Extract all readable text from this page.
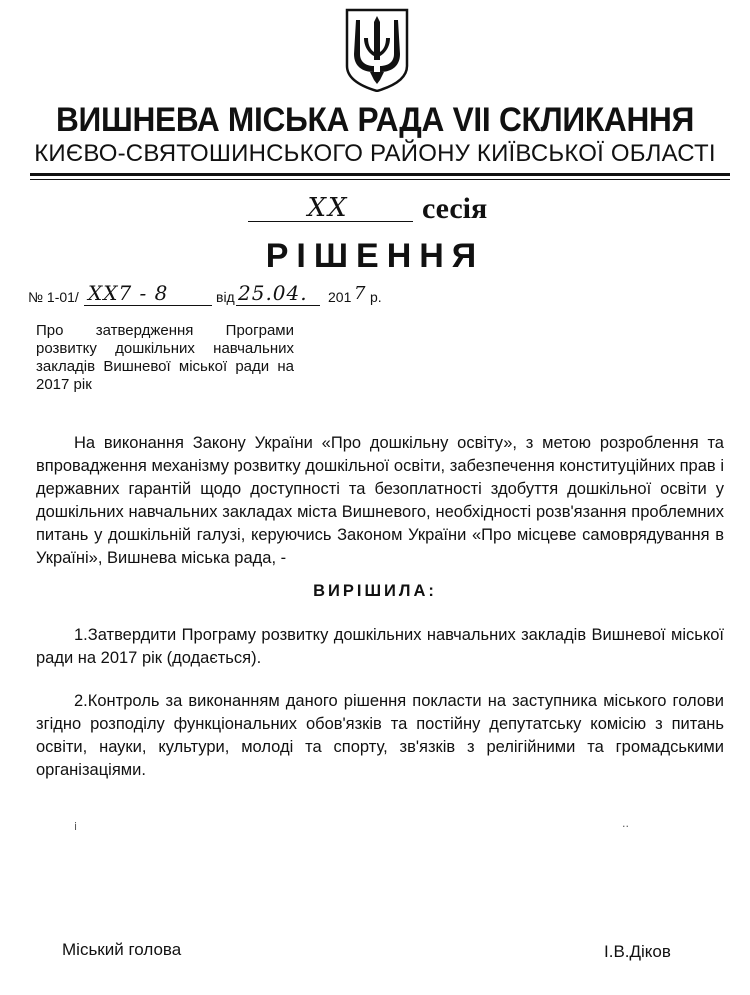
ВИШНЕВА МІСЬКА РАДА VII СКЛИКАННЯ
КИЄВО-СВЯТОШИНСЬКОГО РАЙОНУ КИЇВСЬКОЇ ОБЛАСТІ
XX	сесія
РІШЕННЯ
№ 1-01/ XX7 - 8	від 25.04. 201 7 р.
Про затвердження Програми розвитку дошкільних навчальних закладів Вишневої міської ради на 2017 рік
На виконання Закону України «Про дошкільну освіту», з метою розроблення та впровадження механізму розвитку дошкільної освіти, забезпечення конституційних прав і державних гарантій щодо доступності та безоплатності здобуття дошкільної освіти у дошкільних навчальних закладах міста Вишневого, необхідності розв'язання проблемних питань у дошкільній галузі, керуючись Законом України «Про місцеве самоврядування в Україні», Вишнева міська рада, -
ВИРІШИЛА:
1.Затвердити Програму розвитку дошкільних навчальних закладів Вишневої міської ради на 2017 рік (додається).
2.Контроль за виконанням даного рішення покласти на заступника міського голови згідно розподілу функціональних обов'язків та постійну депутатську комісію з питань освіти, науки, культури, молоді та спорту, зв'язків з релігійними та громадськими організаціями.
ⅰ	··
Міський голова	І.В.Діков
